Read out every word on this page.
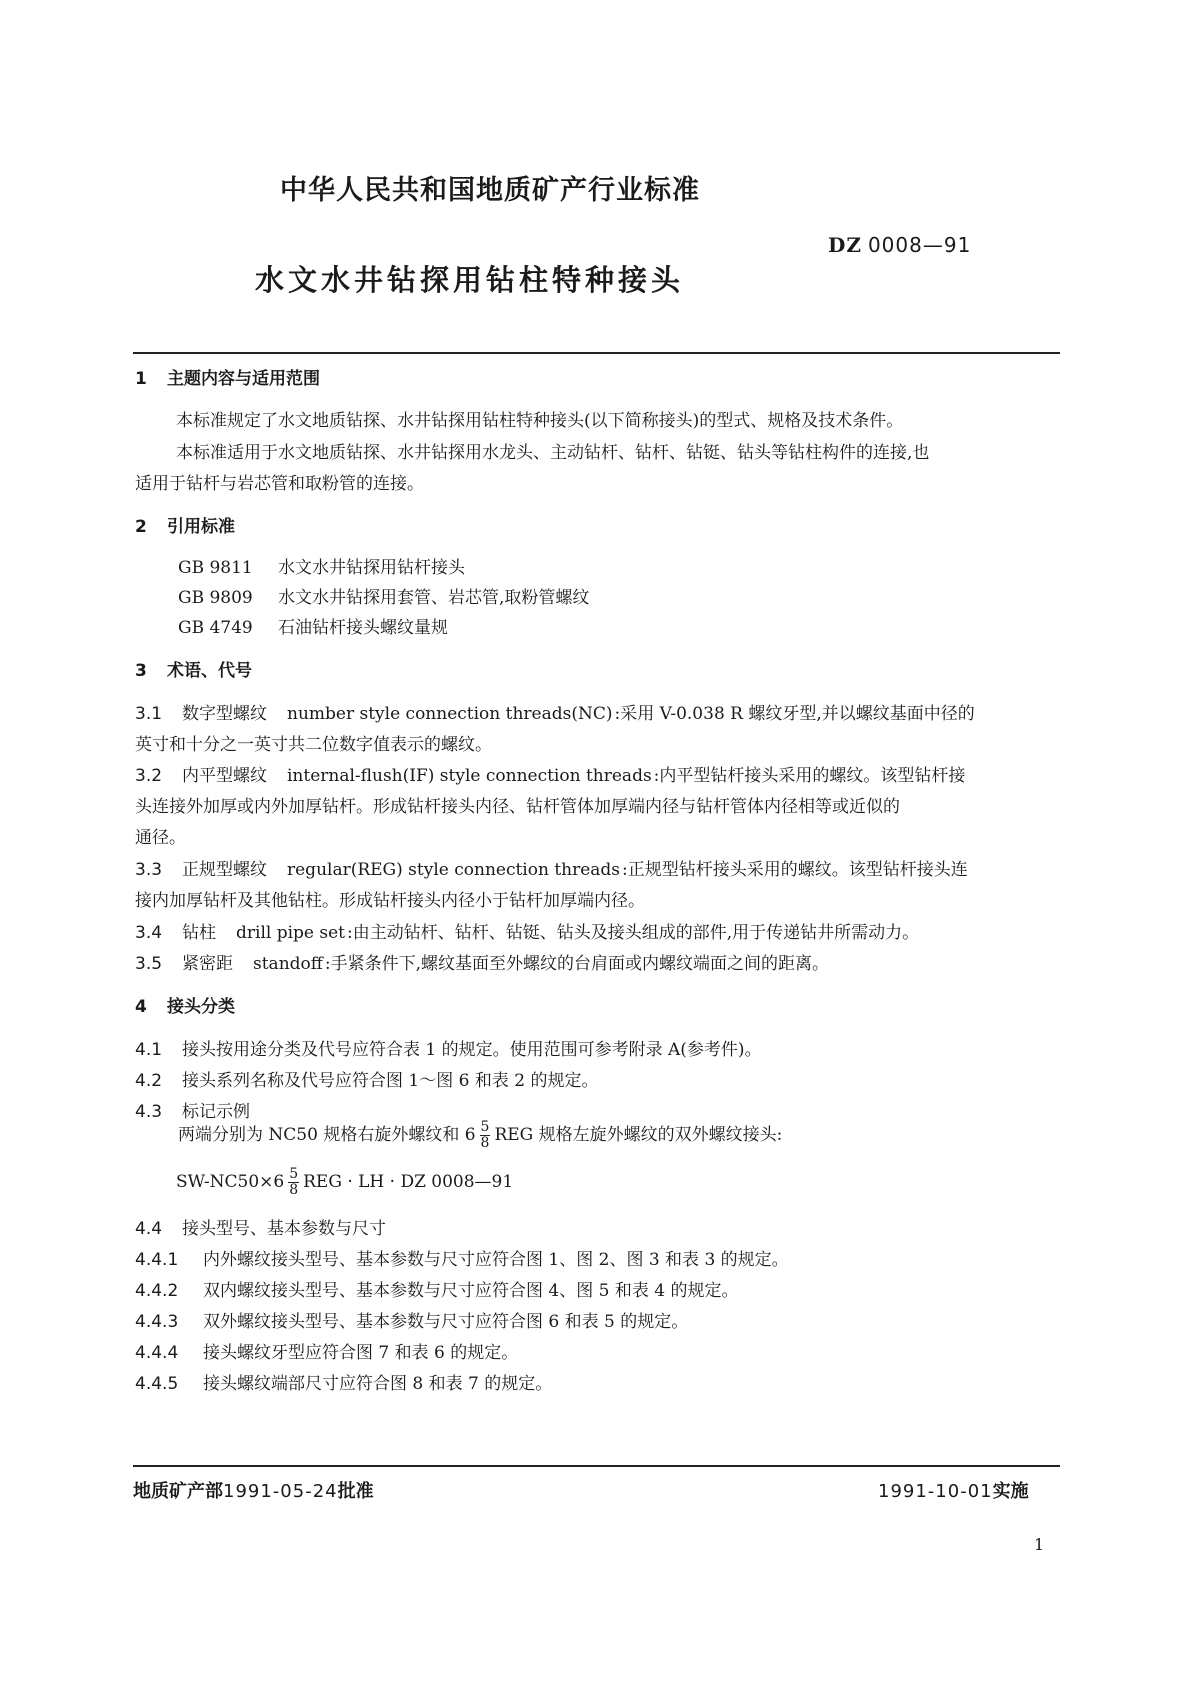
中华人民共和国地质矿产行业标准
DZ 0008—91
水文水井钻探用钻柱特种接头
1 主题内容与适用范围
本标准规定了水文地质钻探、水井钻探用钻柱特种接头(以下简称接头)的型式、规格及技术条件。
本标准适用于水文地质钻探、水井钻探用水龙头、主动钻杆、钻杆、钻铤、钻头等钻柱构件的连接,也
适用于钻杆与岩芯管和取粉管的连接。
2 引用标准
GB 9811 水文水井钻探用钻杆接头
GB 9809 水文水井钻探用套管、岩芯管,取粉管螺纹
GB 4749 石油钻杆接头螺纹量规
3 术语、代号
3.1 数字型螺纹 number style connection threads(NC) :采用 V-0.038 R 螺纹牙型,并以螺纹基面中径的
英寸和十分之一英寸共二位数字值表示的螺纹。
3.2 内平型螺纹 internal-flush(IF) style connection threads :内平型钻杆接头采用的螺纹。该型钻杆接
头连接外加厚或内外加厚钻杆。形成钻杆接头内径、钻杆管体加厚端内径与钻杆管体内径相等或近似的
通径。
3.3 正规型螺纹 regular(REG) style connection threads :正规型钻杆接头采用的螺纹。该型钻杆接头连
接内加厚钻杆及其他钻柱。形成钻杆接头内径小于钻杆加厚端内径。
3.4 钻柱 drill pipe set :由主动钻杆、钻杆、钻铤、钻头及接头组成的部件,用于传递钻井所需动力。
3.5 紧密距 standoff :手紧条件下,螺纹基面至外螺纹的台肩面或内螺纹端面之间的距离。
4 接头分类
4.1 接头按用途分类及代号应符合表 1 的规定。使用范围可参考附录 A(参考件)。
4.2 接头系列名称及代号应符合图 1～图 6 和表 2 的规定。
4.3 标记示例
两端分别为 NC50 规格右旋外螺纹和 $6 \frac{5}{8}$ REG 规格左旋外螺纹的双外螺纹接头:
$SW-NC50\times 6 \frac{5}{8}$ REG · LH · DZ 0008—91
4.4 接头型号、基本参数与尺寸
4.4.1 内外螺纹接头型号、基本参数与尺寸应符合图 1、图 2、图 3 和表 3 的规定。
4.4.2 双内螺纹接头型号、基本参数与尺寸应符合图 4、图 5 和表 4 的规定。
4.4.3 双外螺纹接头型号、基本参数与尺寸应符合图 6 和表 5 的规定。
4.4.4 接头螺纹牙型应符合图 7 和表 6 的规定。
4.4.5 接头螺纹端部尺寸应符合图 8 和表 7 的规定。
地质矿产部1991-05-24批准	1991-10-01实施
1
